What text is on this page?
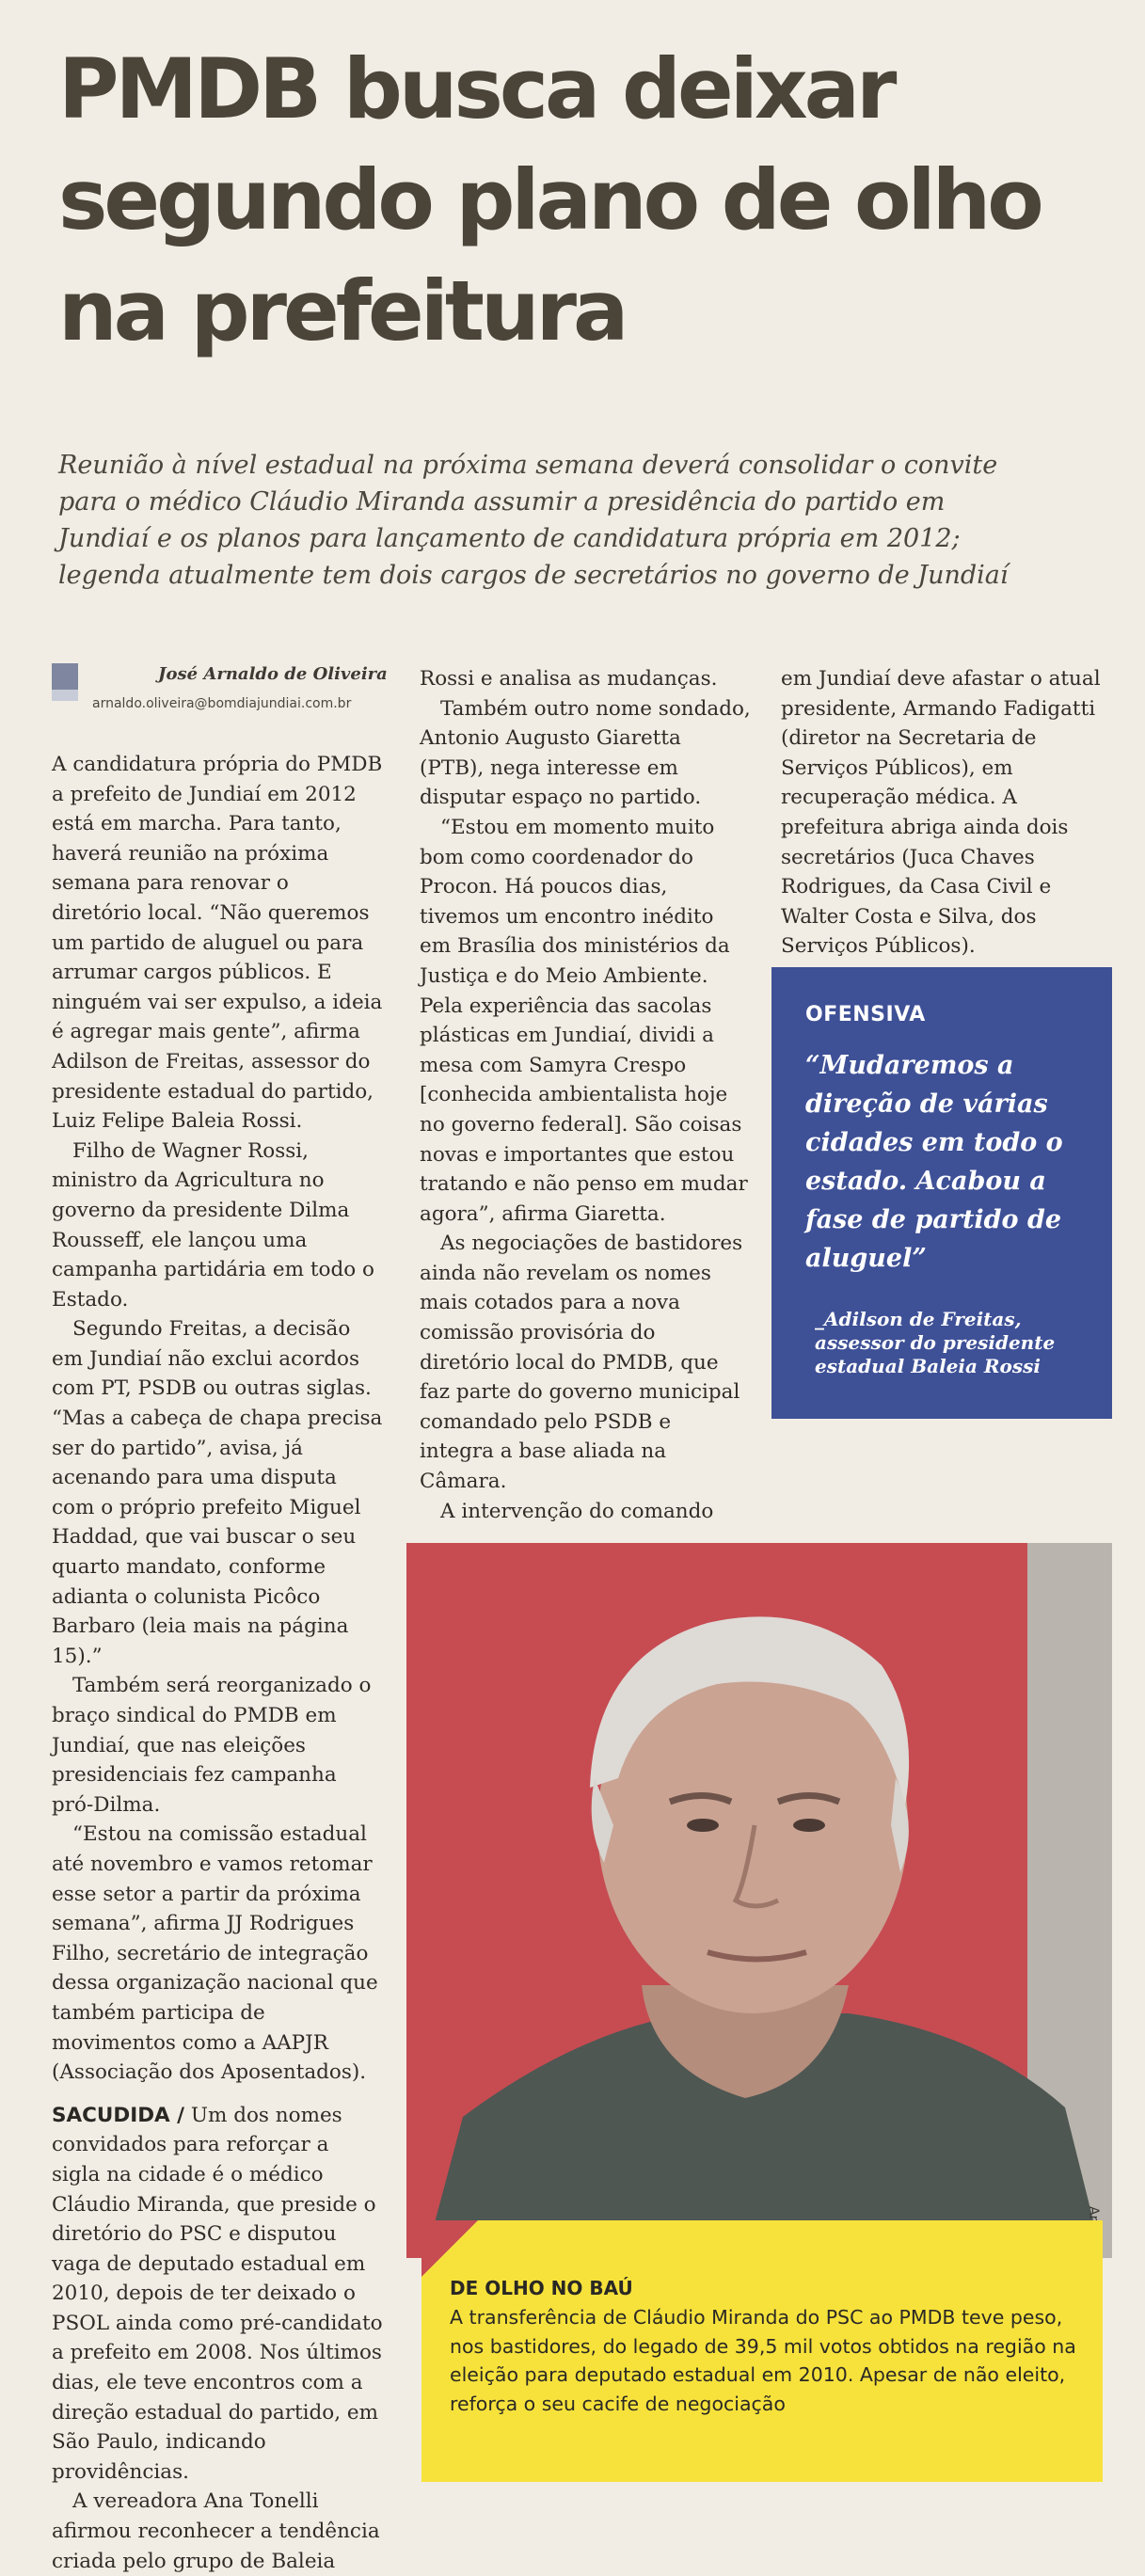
PMDB busca deixar segundo plano de olho na prefeitura

Reunião à nível estadual na próxima semana deverá consolidar o convite

para o médico Cláudio Miranda assumir a presidência do partido em

Jundiaí e os planos para lançamento de candidatura própria em 2012;

legenda atualmente tem dois cargos de secretários no governo de Jundiaí

José Arnaldo de Oliveira
arnaldo.oliveira@bomdiajundiai.com.br

A candidatura própria do PMDB a prefeito de Jundiaí em 2012 está em marcha. Para tanto, haverá reunião na próxima semana para renovar o diretório local. “Não queremos um partido de aluguel ou para arrumar cargos públicos. E ninguém vai ser expulso, a ideia é agregar mais gente”, afirma Adilson de Freitas, assessor do presidente estadual do partido, Luiz Felipe Baleia Rossi.

Filho de Wagner Rossi, ministro da Agricultura no governo da presidente Dilma Rousseff, ele lançou uma campanha partidária em todo o Estado.

Segundo Freitas, a decisão em Jundiaí não exclui acordos com PT, PSDB ou outras siglas. “Mas a cabeça de chapa precisa ser do partido”, avisa, já acenando para uma disputa com o próprio prefeito Miguel Haddad, que vai buscar o seu quarto mandato, conforme adianta o colunista Picôco Barbaro (leia mais na página 15).”

Também será reorganizado o braço sindical do PMDB em Jundiaí, que nas eleições presidenciais fez campanha pró-Dilma.

“Estou na comissão estadual até novembro e vamos retomar esse setor a partir da próxima semana”, afirma JJ Rodrigues Filho, secretário de integração dessa organização nacional que também participa de movimentos como a AAPJR (Associação dos Aposentados).

SACUDIDA / Um dos nomes convidados para reforçar a sigla na cidade é o médico Cláudio Miranda, que preside o diretório do PSC e disputou vaga de deputado estadual em 2010, depois de ter deixado o PSOL ainda como pré-candidato a prefeito em 2008. Nos últimos dias, ele teve encontros com a direção estadual do partido, em São Paulo, indicando providências.

A vereadora Ana Tonelli afirmou reconhecer a tendência criada pelo grupo de Baleia

Rossi e analisa as mudanças.

Também outro nome sondado, Antonio Augusto Giaretta (PTB), nega interesse em disputar espaço no partido.

“Estou em momento muito bom como coordenador do Procon. Há poucos dias, tivemos um encontro inédito em Brasília dos ministérios da Justiça e do Meio Ambiente. Pela experiência das sacolas plásticas em Jundiaí, dividi a mesa com Samyra Crespo [conhecida ambientalista hoje no governo federal]. São coisas novas e importantes que estou tratando e não penso em mudar agora”, afirma Giaretta.

As negociações de bastidores ainda não revelam os nomes mais cotados para a nova comissão provisória do diretório local do PMDB, que faz parte do governo municipal comandado pelo PSDB e integra a base aliada na Câmara.

A intervenção do comando

em Jundiaí deve afastar o atual presidente, Armando Fadigatti (diretor na Secretaria de Serviços Públicos), em recuperação médica. A prefeitura abriga ainda dois secretários (Juca Chaves Rodrigues, da Casa Civil e Walter Costa e Silva, dos Serviços Públicos).

OFENSIVA

“Mudaremos a direção de várias cidades em todo o estado. Acabou a fase de partido de aluguel”

_Adilson de Freitas, assessor do presidente estadual Baleia Rossi
DE OLHO NO BAÚ

A transferência de Cláudio Miranda do PSC ao PMDB teve peso, nos bastidores, do legado de 39,5 mil votos obtidos na região na eleição para deputado estadual em 2010. Apesar de não eleito, reforça o seu cacife de negociação
